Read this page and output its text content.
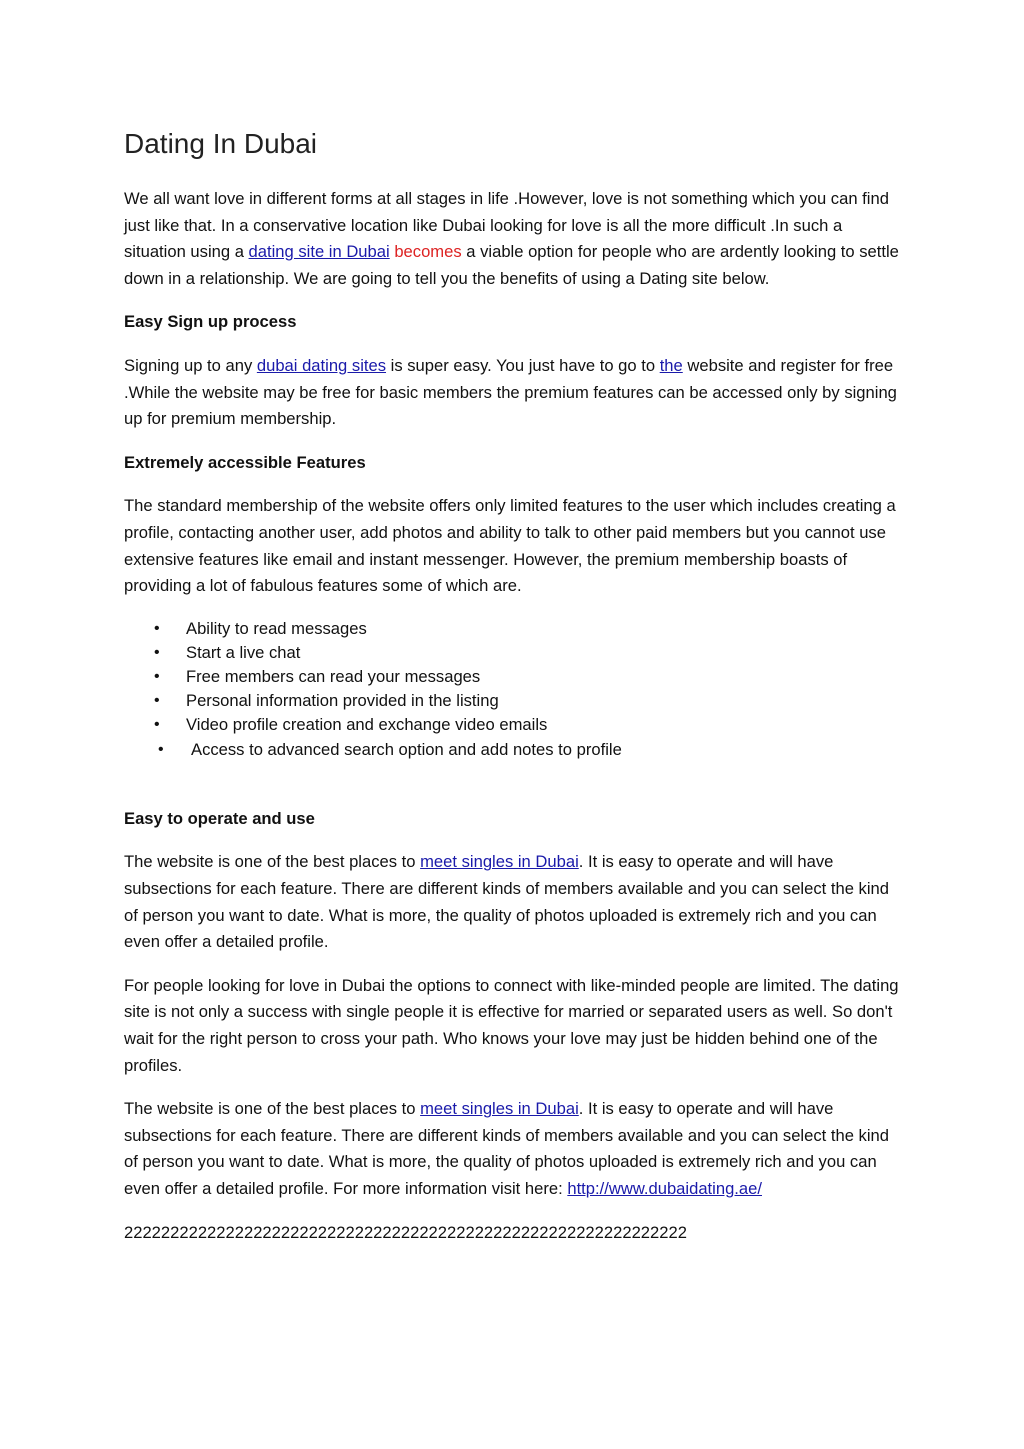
Dating In Dubai

We all want love in different forms at all stages in life .However, love is not something which you can find just like that. In a conservative location like Dubai looking for love is all the more difficult .In such a situation using a dating site in Dubai becomes a viable option for people who are ardently looking to settle down in a relationship. We are going to tell you the benefits of using a Dating site below.

Easy Sign up process

Signing up to any dubai dating sites is super easy. You just have to go to the website and register for free .While the website may be free for basic members the premium features can be accessed only by signing up for premium membership.

Extremely accessible Features

The standard membership of the website offers only limited features to the user which includes creating a profile, contacting another user, add photos and ability to talk to other paid members but you cannot use extensive features like email and instant messenger. However, the premium membership boasts of providing a lot of fabulous features some of which are.

• Ability to read messages
• Start a live chat
• Free members can read your messages
• Personal information provided in the listing
• Video profile creation and exchange video emails
• Access to advanced search option and add notes to profile
Easy to operate and use

The website is one of the best places to meet singles in Dubai. It is easy to operate and will have subsections for each feature. There are different kinds of members available and you can select the kind of person you want to date. What is more, the quality of photos uploaded is extremely rich and you can even offer a detailed profile.

For people looking for love in Dubai the options to connect with like-minded people are limited. The dating site is not only a success with single people it is effective for married or separated users as well. So don't wait for the right person to cross your path. Who knows your love may just be hidden behind one of the profiles.

The website is one of the best places to meet singles in Dubai. It is easy to operate and will have subsections for each feature. There are different kinds of members available and you can select the kind of person you want to date. What is more, the quality of photos uploaded is extremely rich and you can even offer a detailed profile. For more information visit here: http://www.dubaidating.ae/

2222222222222222222222222222222222222222222222222222222222222
